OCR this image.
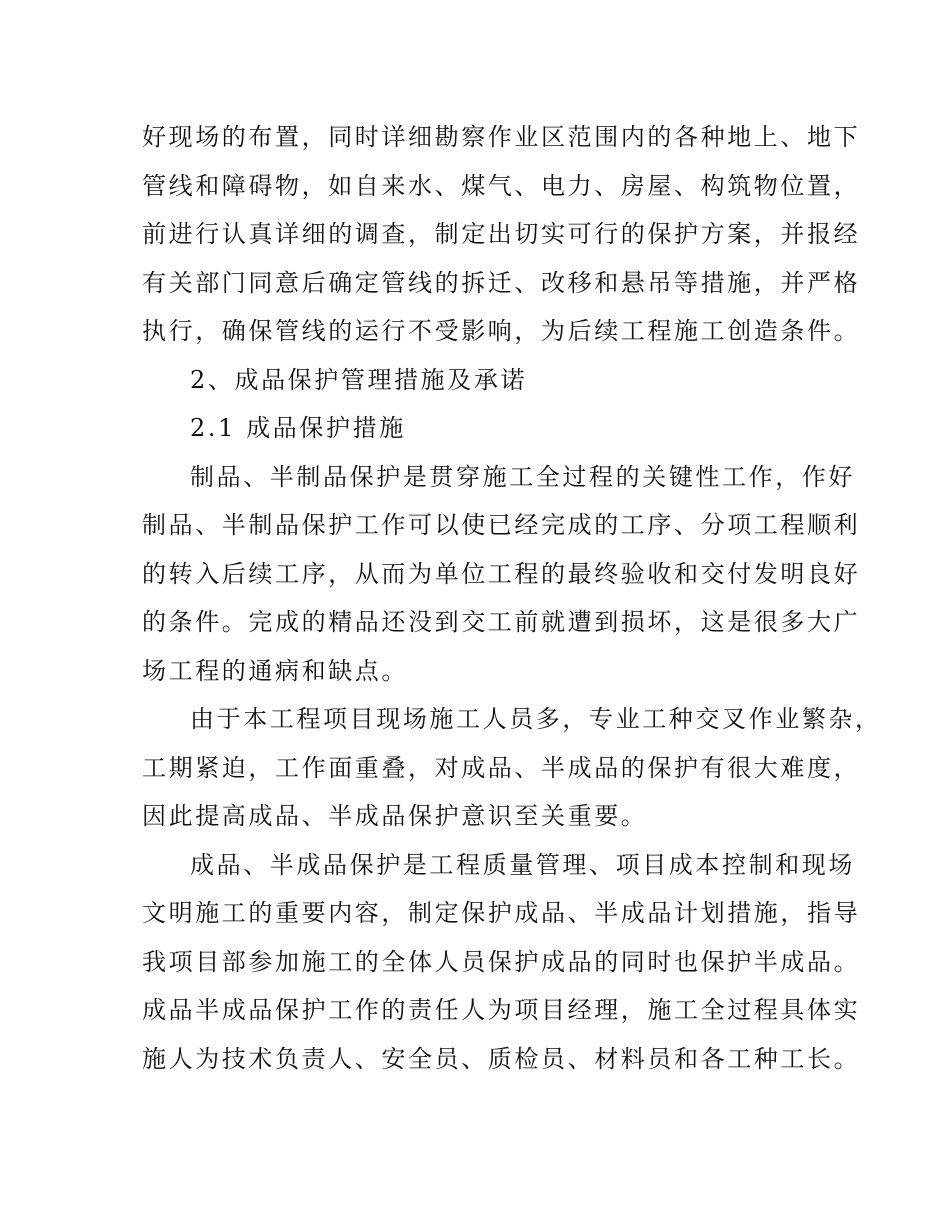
好现场的布置，同时详细勘察作业区范围内的各种地上、地下
管线和障碍物，如自来水、煤气、电力、房屋、构筑物位置，
前进行认真详细的调查，制定出切实可行的保护方案，并报经
有关部门同意后确定管线的拆迁、改移和悬吊等措施，并严格
执行，确保管线的运行不受影响，为后续工程施工创造条件。
2、成品保护管理措施及承诺
2.1 成品保护措施
制品、半制品保护是贯穿施工全过程的关键性工作，作好
制品、半制品保护工作可以使已经完成的工序、分项工程顺利
的转入后续工序，从而为单位工程的最终验收和交付发明良好
的条件。完成的精品还没到交工前就遭到损坏，这是很多大广
场工程的通病和缺点。
由于本工程项目现场施工人员多，专业工种交叉作业繁杂，
工期紧迫，工作面重叠，对成品、半成品的保护有很大难度，
因此提高成品、半成品保护意识至关重要。
成品、半成品保护是工程质量管理、项目成本控制和现场
文明施工的重要内容，制定保护成品、半成品计划措施，指导
我项目部参加施工的全体人员保护成品的同时也保护半成品。
成品半成品保护工作的责任人为项目经理，施工全过程具体实
施人为技术负责人、安全员、质检员、材料员和各工种工长。
